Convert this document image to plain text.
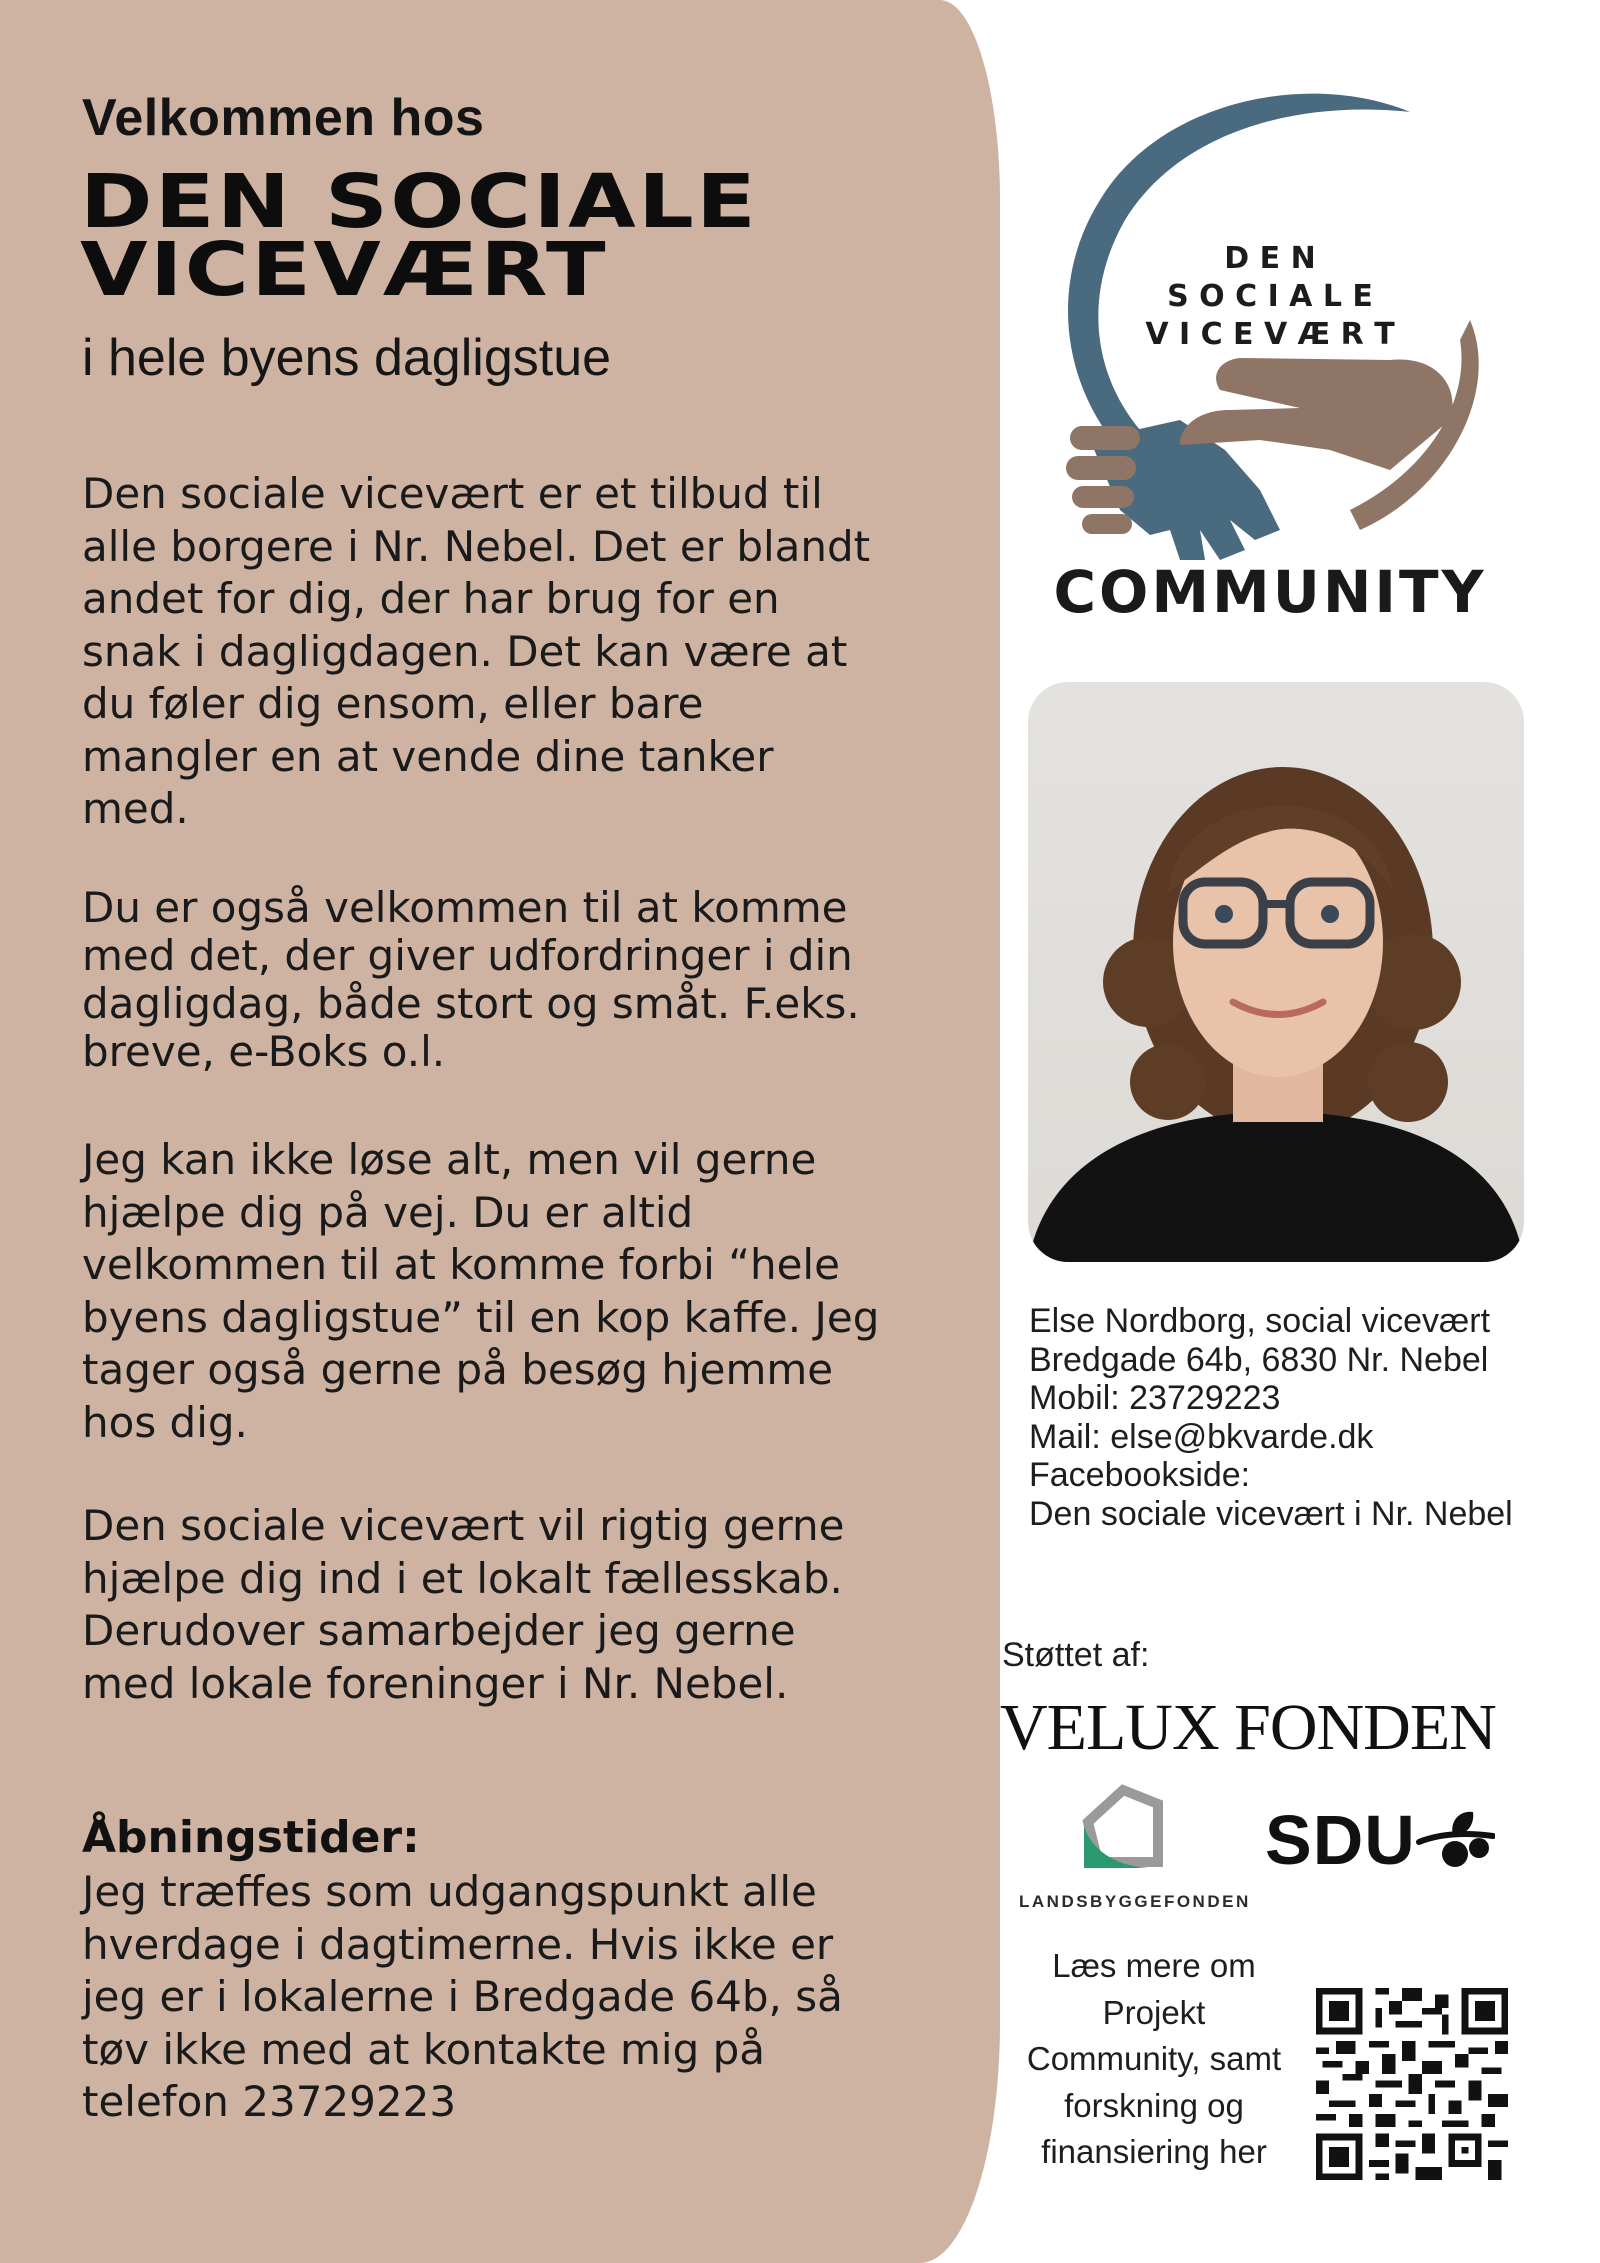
Velkommen hos
DEN SOCIALE
VICEVÆRT
i hele byens dagligstue

Den sociale vicevært er et tilbud til alle borgere i Nr. Nebel. Det er blandt andet for dig, der har brug for en snak i dagligdagen. Det kan være at du føler dig ensom, eller bare mangler en at vende dine tanker med.

Du er også velkommen til at komme med det, der giver udfordringer i din dagligdag, både stort og småt. F.eks. breve, e-Boks o.l.

Jeg kan ikke løse alt, men vil gerne hjælpe dig på vej. Du er altid velkommen til at komme forbi “hele byens dagligstue” til en kop kaffe. Jeg tager også gerne på besøg hjemme hos dig.

Den sociale vicevært vil rigtig gerne hjælpe dig ind i et lokalt fællesskab. Derudover samarbejder jeg gerne med lokale foreninger i Nr. Nebel.

Åbningstider:

Jeg træffes som udgangspunkt alle hverdage i dagtimerne. Hvis ikke er jeg er i lokalerne i Bredgade 64b, så tøv ikke med at kontakte mig på telefon 23729223

D E N
S O C I A L E
V I C E V Æ R T
COMMUNITY
Else Nordborg, social vicevært
Bredgade 64b, 6830 Nr. Nebel
Mobil: 23729223
Mail: else@bkvarde.dk
Facebookside:
Den sociale vicevært i Nr. Nebel
Støttet af:
VELUX FONDEN
LANDSBYGGEFONDEN
SDU
Læs mere om
Projekt
Community, samt
forskning og
finansiering her
